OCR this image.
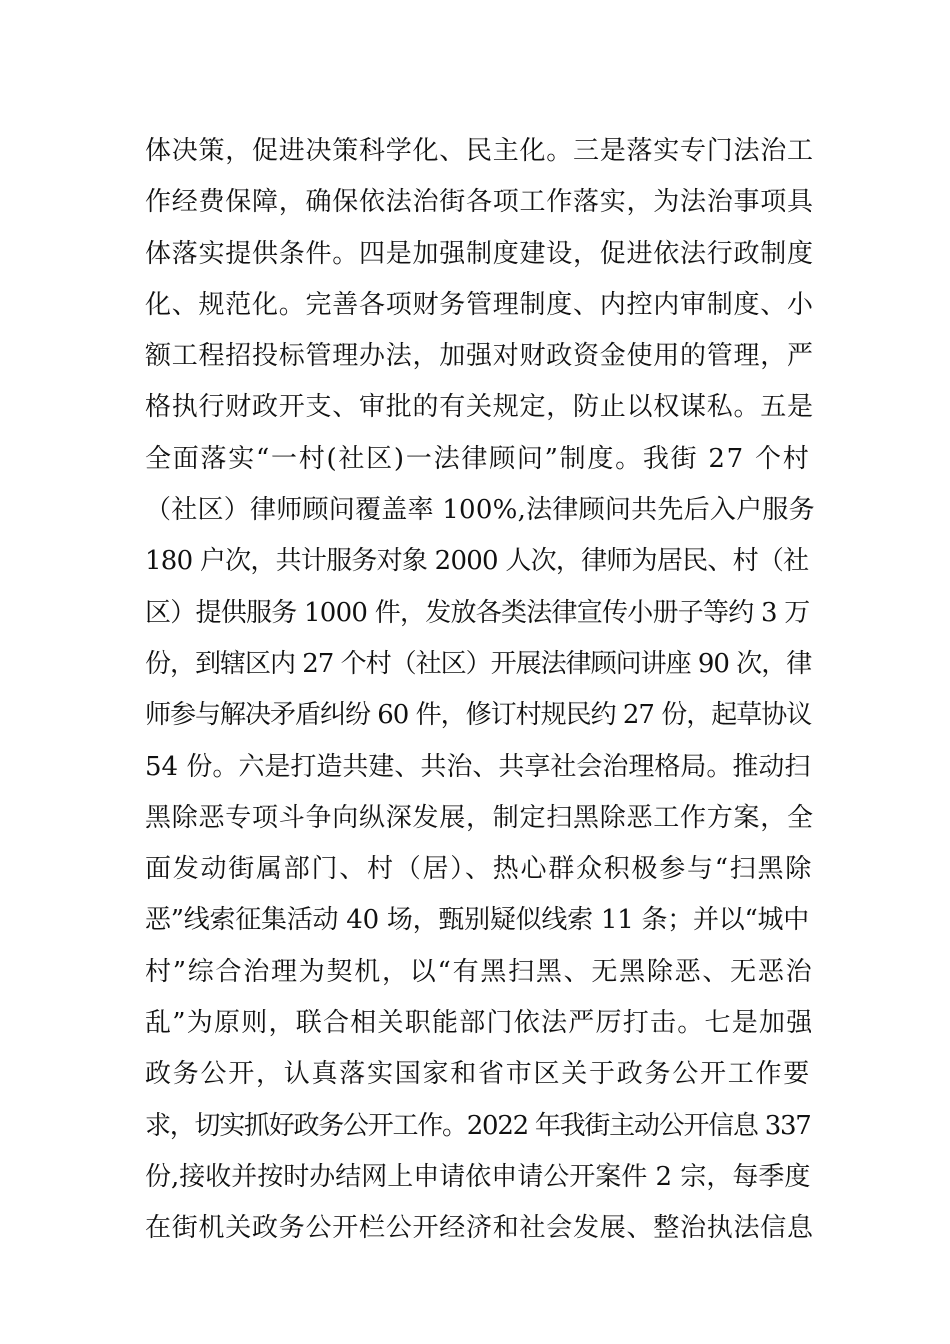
体决策，促进决策科学化、民主化。三是落实专门法治工
作经费保障，确保依法治街各项工作落实，为法治事项具
体落实提供条件。四是加强制度建设，促进依法行政制度
化、规范化。完善各项财务管理制度、内控内审制度、小
额工程招投标管理办法，加强对财政资金使用的管理，严
格执行财政开支、审批的有关规定，防止以权谋私。五是
全面落实“一村(社区)一法律顾问”制度。我街 27 个村
（社区）律师顾问覆盖率 100%,法律顾问共先后入户服务
180 户次，共计服务对象 2000 人次，律师为居民、村（社
区）提供服务 1000 件，发放各类法律宣传小册子等约 3 万
份，到辖区内 27 个村（社区）开展法律顾问讲座 90 次，律
师参与解决矛盾纠纷 60 件，修订村规民约 27 份，起草协议
54 份。六是打造共建、共治、共享社会治理格局。推动扫
黑除恶专项斗争向纵深发展，制定扫黑除恶工作方案，全
面发动街属部门、村（居）、热心群众积极参与“扫黑除
恶”线索征集活动 40 场，甄别疑似线索 11 条；并以“城中
村”综合治理为契机，以“有黑扫黑、无黑除恶、无恶治
乱”为原则，联合相关职能部门依法严厉打击。七是加强
政务公开，认真落实国家和省市区关于政务公开工作要
求，切实抓好政务公开工作。2022 年我街主动公开信息 337
份,接收并按时办结网上申请依申请公开案件 2 宗，每季度
在街机关政务公开栏公开经济和社会发展、整治执法信息
